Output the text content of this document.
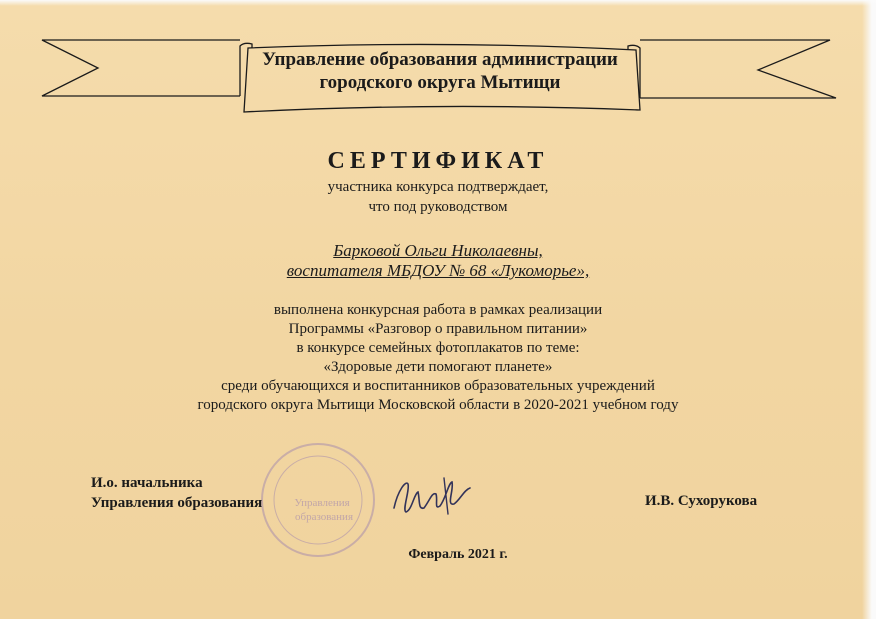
Управление образования администрации
городского округа Мытищи
СЕРТИФИКАТ
участника конкурса подтверждает,
что под руководством
Барковой Ольги Николаевны,
воспитателя МБДОУ № 68 «Лукоморье»,
выполнена конкурсная работа в рамках реализации
Программы «Разговор о правильном питании»
в конкурсе семейных фотоплакатов по теме:
«Здоровые дети помогают планете»
среди обучающихся и воспитанников образовательных учреждений
городского округа Мытищи Московской области в 2020-2021 учебном году
Управления
образования
И.о. начальника
Управления образования	И.В. Сухорукова
Февраль 2021 г.
